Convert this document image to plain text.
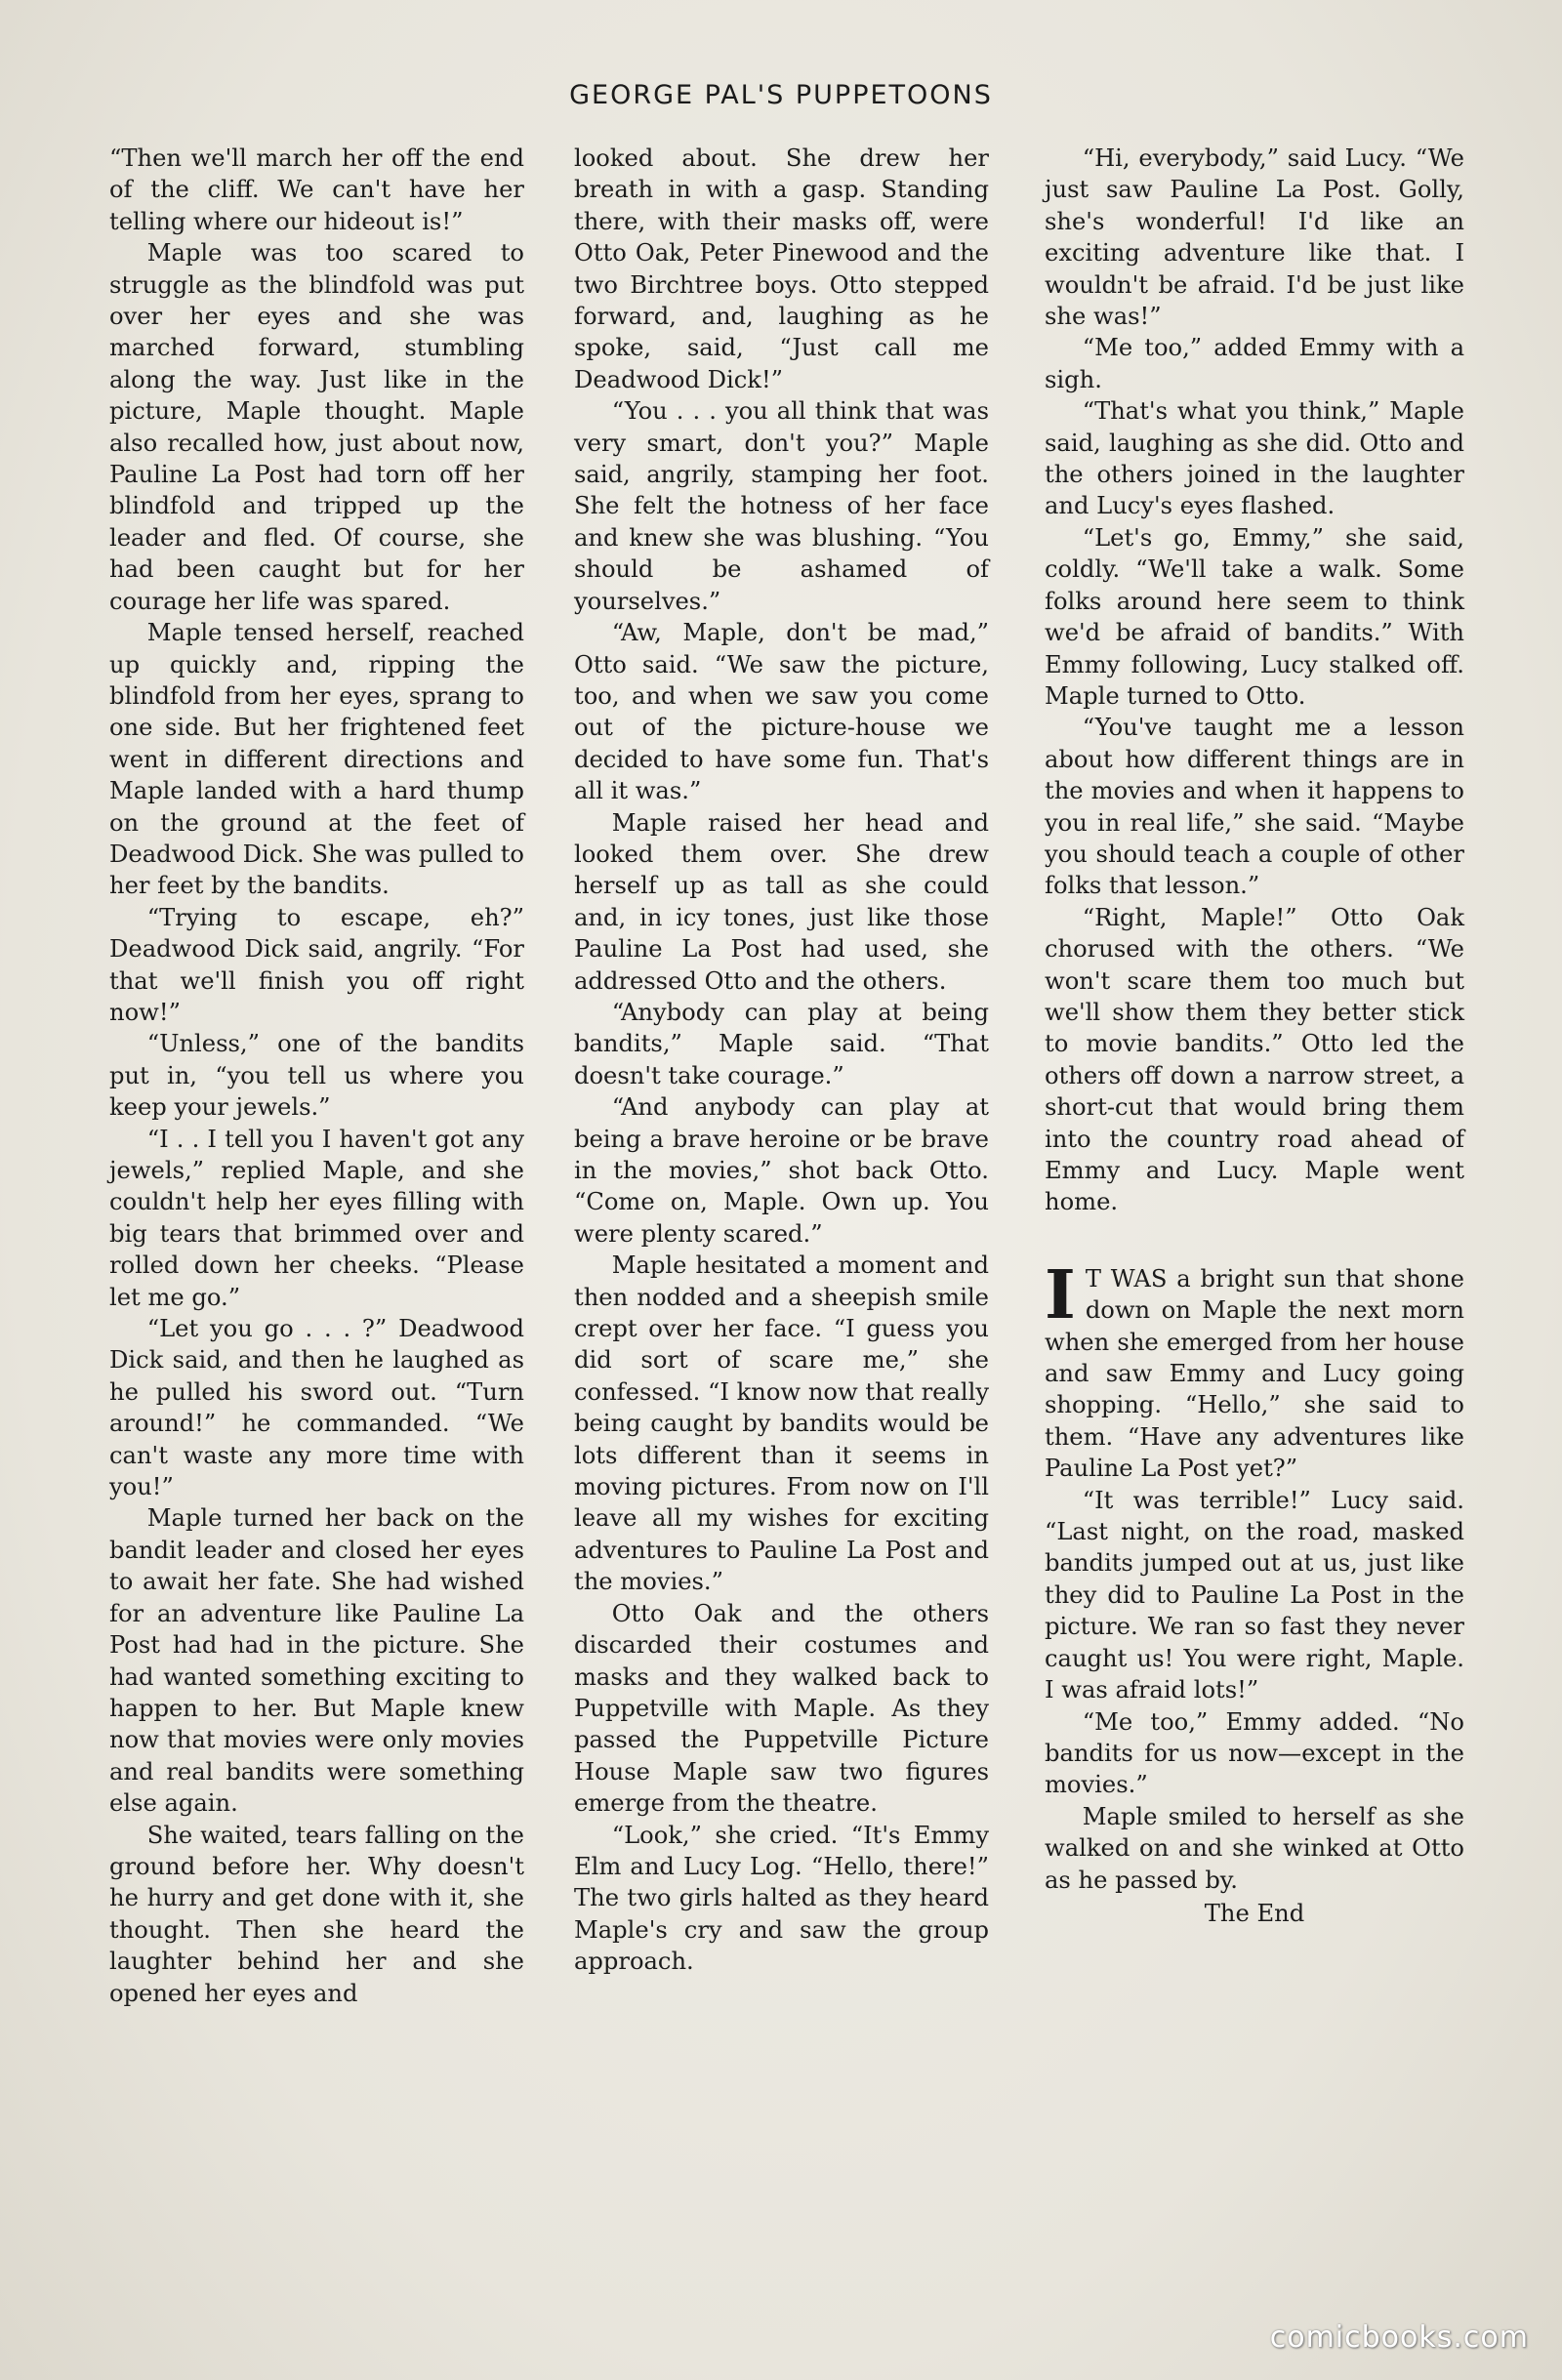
GEORGE PAL'S PUPPETOONS

“Then we'll march her off the end of the cliff. We can't have her telling where our hideout is!”

Maple was too scared to struggle as the blindfold was put over her eyes and she was marched forward, stumbling along the way. Just like in the picture, Maple thought. Maple also recalled how, just about now, Pauline La Post had torn off her blindfold and tripped up the leader and fled. Of course, she had been caught but for her courage her life was spared.

Maple tensed herself, reached up quickly and, ripping the blindfold from her eyes, sprang to one side. But her frightened feet went in different directions and Maple landed with a hard thump on the ground at the feet of Deadwood Dick. She was pulled to her feet by the bandits.

“Trying to escape, eh?” Deadwood Dick said, angrily. “For that we'll finish you off right now!”

“Unless,” one of the bandits put in, “you tell us where you keep your jewels.”

“I . . I tell you I haven't got any jewels,” replied Maple, and she couldn't help her eyes filling with big tears that brimmed over and rolled down her cheeks. “Please let me go.”

“Let you go . . . ?” Deadwood Dick said, and then he laughed as he pulled his sword out. “Turn around!” he commanded. “We can't waste any more time with you!”

Maple turned her back on the bandit leader and closed her eyes to await her fate. She had wished for an adventure like Pauline La Post had had in the picture. She had wanted something exciting to happen to her. But Maple knew now that movies were only movies and real bandits were something else again.

She waited, tears falling on the ground before her. Why doesn't he hurry and get done with it, she thought. Then she heard the laughter behind her and she opened her eyes and

looked about. She drew her breath in with a gasp. Standing there, with their masks off, were Otto Oak, Peter Pinewood and the two Birchtree boys. Otto stepped forward, and, laughing as he spoke, said, “Just call me Deadwood Dick!”

“You . . . you all think that was very smart, don't you?” Maple said, angrily, stamping her foot. She felt the hotness of her face and knew she was blushing. “You should be ashamed of yourselves.”

“Aw, Maple, don't be mad,” Otto said. “We saw the picture, too, and when we saw you come out of the picture-house we decided to have some fun. That's all it was.”

Maple raised her head and looked them over. She drew herself up as tall as she could and, in icy tones, just like those Pauline La Post had used, she addressed Otto and the others.

“Anybody can play at being bandits,” Maple said. “That doesn't take courage.”

“And anybody can play at being a brave heroine or be brave in the movies,” shot back Otto. “Come on, Maple. Own up. You were plenty scared.”

Maple hesitated a moment and then nodded and a sheepish smile crept over her face. “I guess you did sort of scare me,” she confessed. “I know now that really being caught by bandits would be lots different than it seems in moving pictures. From now on I'll leave all my wishes for exciting adventures to Pauline La Post and the movies.”

Otto Oak and the others discarded their costumes and masks and they walked back to Puppetville with Maple. As they passed the Puppetville Picture House Maple saw two figures emerge from the theatre.

“Look,” she cried. “It's Emmy Elm and Lucy Log. “Hello, there!” The two girls halted as they heard Maple's cry and saw the group approach.

“Hi, everybody,” said Lucy. “We just saw Pauline La Post. Golly, she's wonderful! I'd like an exciting adventure like that. I wouldn't be afraid. I'd be just like she was!”

“Me too,” added Emmy with a sigh.

“That's what you think,” Maple said, laughing as she did. Otto and the others joined in the laughter and Lucy's eyes flashed.

“Let's go, Emmy,” she said, coldly. “We'll take a walk. Some folks around here seem to think we'd be afraid of bandits.” With Emmy following, Lucy stalked off. Maple turned to Otto.

“You've taught me a lesson about how different things are in the movies and when it happens to you in real life,” she said. “Maybe you should teach a couple of other folks that lesson.”

“Right, Maple!” Otto Oak chorused with the others. “We won't scare them too much but we'll show them they better stick to movie bandits.” Otto led the others off down a narrow street, a short-cut that would bring them into the country road ahead of Emmy and Lucy. Maple went home.

I T WAS a bright sun that shone down on Maple the next morn when she emerged from her house and saw Emmy and Lucy going shopping. “Hello,” she said to them. “Have any adventures like Pauline La Post yet?”

“It was terrible!” Lucy said. “Last night, on the road, masked bandits jumped out at us, just like they did to Pauline La Post in the picture. We ran so fast they never caught us! You were right, Maple. I was afraid lots!”

“Me too,” Emmy added. “No bandits for us now—except in the movies.”

Maple smiled to herself as she walked on and she winked at Otto as he passed by.

The End

comicbooks.com
